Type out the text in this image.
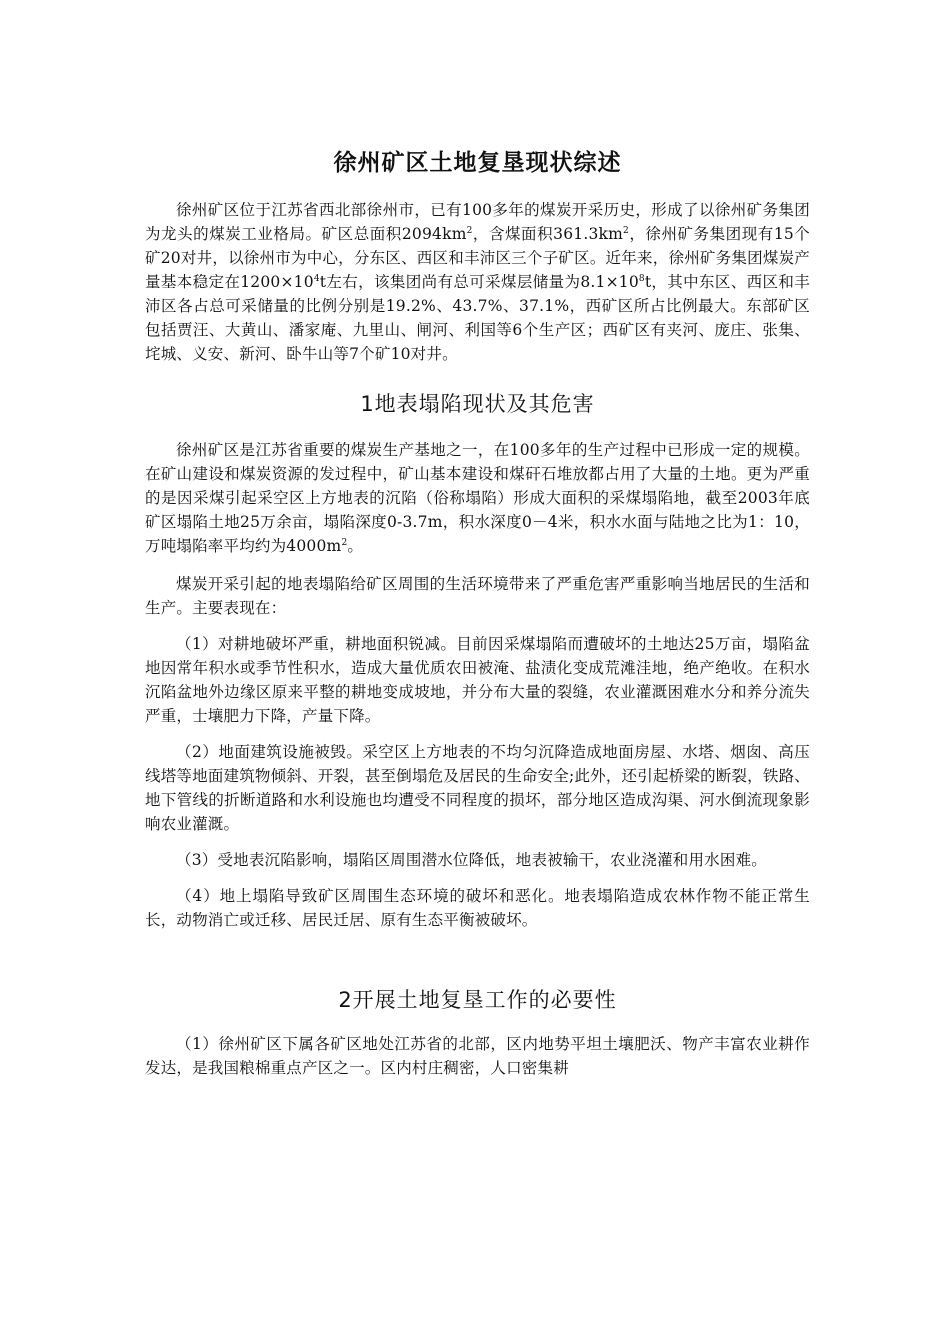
徐州矿区土地复垦现状综述

徐州矿区位于江苏省西北部徐州市，已有100多年的煤炭开采历史，形成了以徐州矿务集团为龙头的煤炭工业格局。矿区总面积$2094km^2$，含煤面积$361.3km^2$，徐州矿务集团现有15个矿20对井，以徐州市为中心，分东区、西区和丰沛区三个子矿区。近年来，徐州矿务集团煤炭产量基本稳定在$1200\times 10^4t$左右，该集团尚有总可采煤层储量为$8.1\times 10^8t$，其中东区、西区和丰沛区各占总可采储量的比例分别是19.2%、43.7%、37.1%，西矿区所占比例最大。东部矿区包括贾汪、大黄山、潘家庵、九里山、闸河、利国等6个生产区；西矿区有夹河、庞庄、张集、垞城、义安、新河、卧牛山等7个矿10对井。

1地表塌陷现状及其危害

徐州矿区是江苏省重要的煤炭生产基地之一，在100多年的生产过程中已形成一定的规模。在矿山建设和煤炭资源的发过程中，矿山基本建设和煤矸石堆放都占用了大量的土地。更为严重的是因采煤引起采空区上方地表的沉陷（俗称塌陷）形成大面积的采煤塌陷地，截至2003年底矿区塌陷土地25万余亩，塌陷深度0-3.7m，积水深度0－4米，积水水面与陆地之比为1：10，万吨塌陷率平均约为$4000m^2$。

煤炭开采引起的地表塌陷给矿区周围的生活环境带来了严重危害严重影响当地居民的生活和生产。主要表现在：

（1）对耕地破坏严重，耕地面积锐减。目前因采煤塌陷而遭破坏的土地达25万亩，塌陷盆地因常年积水或季节性积水，造成大量优质农田被淹、盐渍化变成荒滩洼地，绝产绝收。在积水沉陷盆地外边缘区原来平整的耕地变成坡地，并分布大量的裂缝，农业灌溉困难水分和养分流失严重，士壤肥力下降，产量下降。

（2）地面建筑设施被毁。采空区上方地表的不均匀沉降造成地面房屋、水塔、烟囱、高压线塔等地面建筑物倾斜、开裂，甚至倒塌危及居民的生命安全;此外，还引起桥梁的断裂，铁路、地下管线的折断道路和水利设施也均遭受不同程度的损坏，部分地区造成沟渠、河水倒流现象影响农业灌溉。

（3）受地表沉陷影响，塌陷区周围潜水位降低，地表被输干，农业浇灌和用水困难。

（4）地上塌陷导致矿区周围生态环境的破坏和恶化。地表塌陷造成农林作物不能正常生长，动物消亡或迁移、居民迁居、原有生态平衡被破坏。

2开展土地复垦工作的必要性

（1）徐州矿区下属各矿区地处江苏省的北部，区内地势平坦土壤肥沃、物产丰富农业耕作发达，是我国粮棉重点产区之一。区内村庄稠密，人口密集耕
